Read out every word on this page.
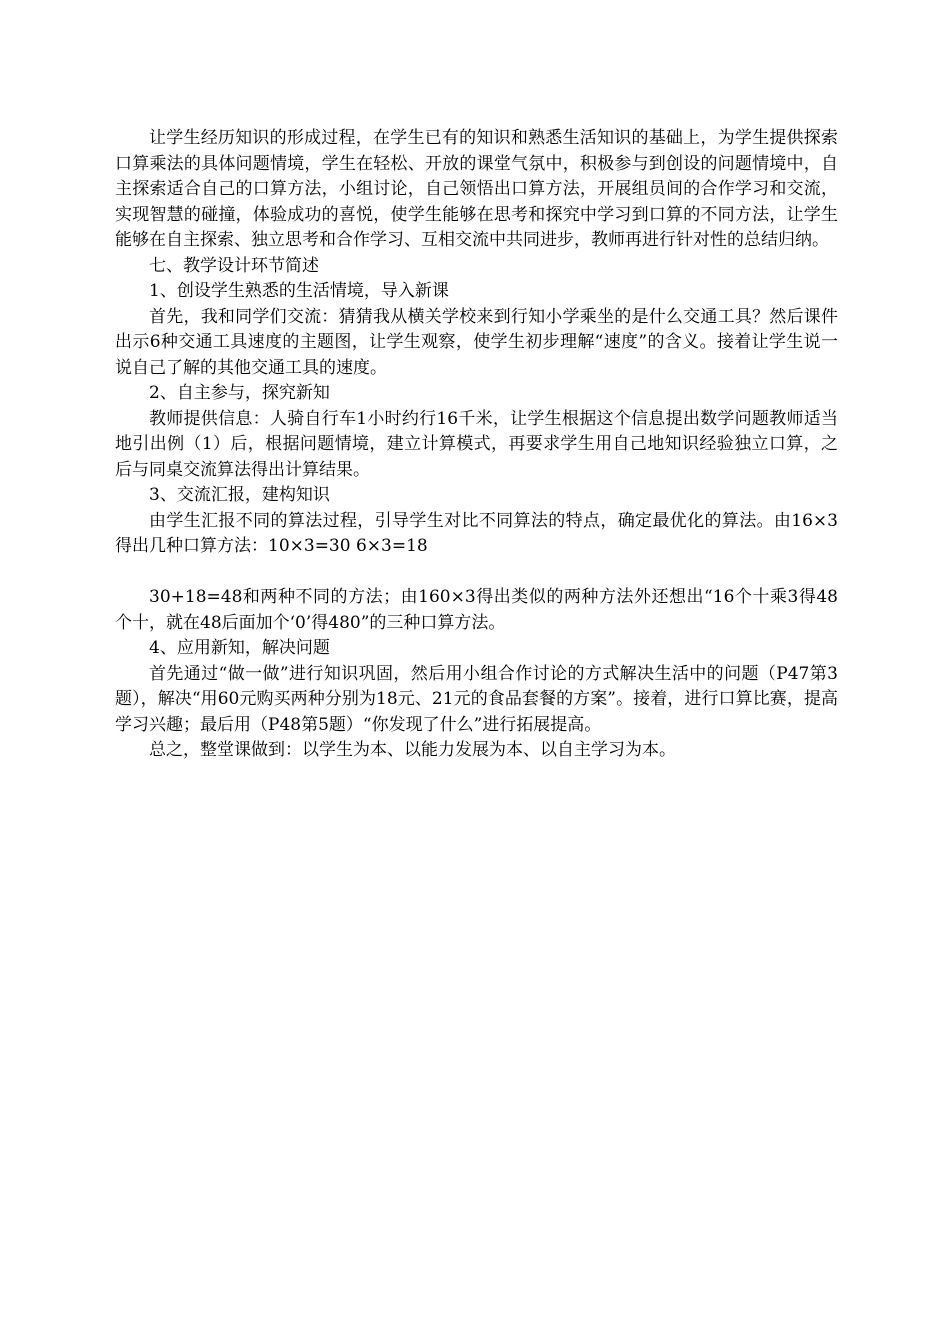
让学生经历知识的形成过程，在学生已有的知识和熟悉生活知识的基础上，为学生提供探索口算乘法的具体问题情境，学生在轻松、开放的课堂气氛中，积极参与到创设的问题情境中，自主探索适合自己的口算方法，小组讨论，自己领悟出口算方法，开展组员间的合作学习和交流，实现智慧的碰撞，体验成功的喜悦，使学生能够在思考和探究中学习到口算的不同方法，让学生能够在自主探索、独立思考和合作学习、互相交流中共同进步，教师再进行针对性的总结归纳。

七、教学设计环节简述

1、创设学生熟悉的生活情境，导入新课

首先，我和同学们交流：猜猜我从横关学校来到行知小学乘坐的是什么交通工具？然后课件出示6种交通工具速度的主题图，让学生观察，使学生初步理解“速度”的含义。接着让学生说一说自己了解的其他交通工具的速度。

2、自主参与，探究新知

教师提供信息：人骑自行车1小时约行16千米，让学生根据这个信息提出数学问题教师适当地引出例（1）后，根据问题情境，建立计算模式，再要求学生用自己地知识经验独立口算，之后与同桌交流算法得出计算结果。

3、交流汇报，建构知识

由学生汇报不同的算法过程，引导学生对比不同算法的特点，确定最优化的算法。由16×3得出几种口算方法：10×3=30 6×3=18

30+18=48和两种不同的方法；由160×3得出类似的两种方法外还想出“16个十乘3得48个十，就在48后面加个‘0’得480”的三种口算方法。

4、应用新知，解决问题

首先通过“做一做”进行知识巩固，然后用小组合作讨论的方式解决生活中的问题（P47第3题），解决“用60元购买两种分别为18元、21元的食品套餐的方案”。接着，进行口算比赛，提高学习兴趣；最后用（P48第5题）“你发现了什么”进行拓展提高。

总之，整堂课做到：以学生为本、以能力发展为本、以自主学习为本。
